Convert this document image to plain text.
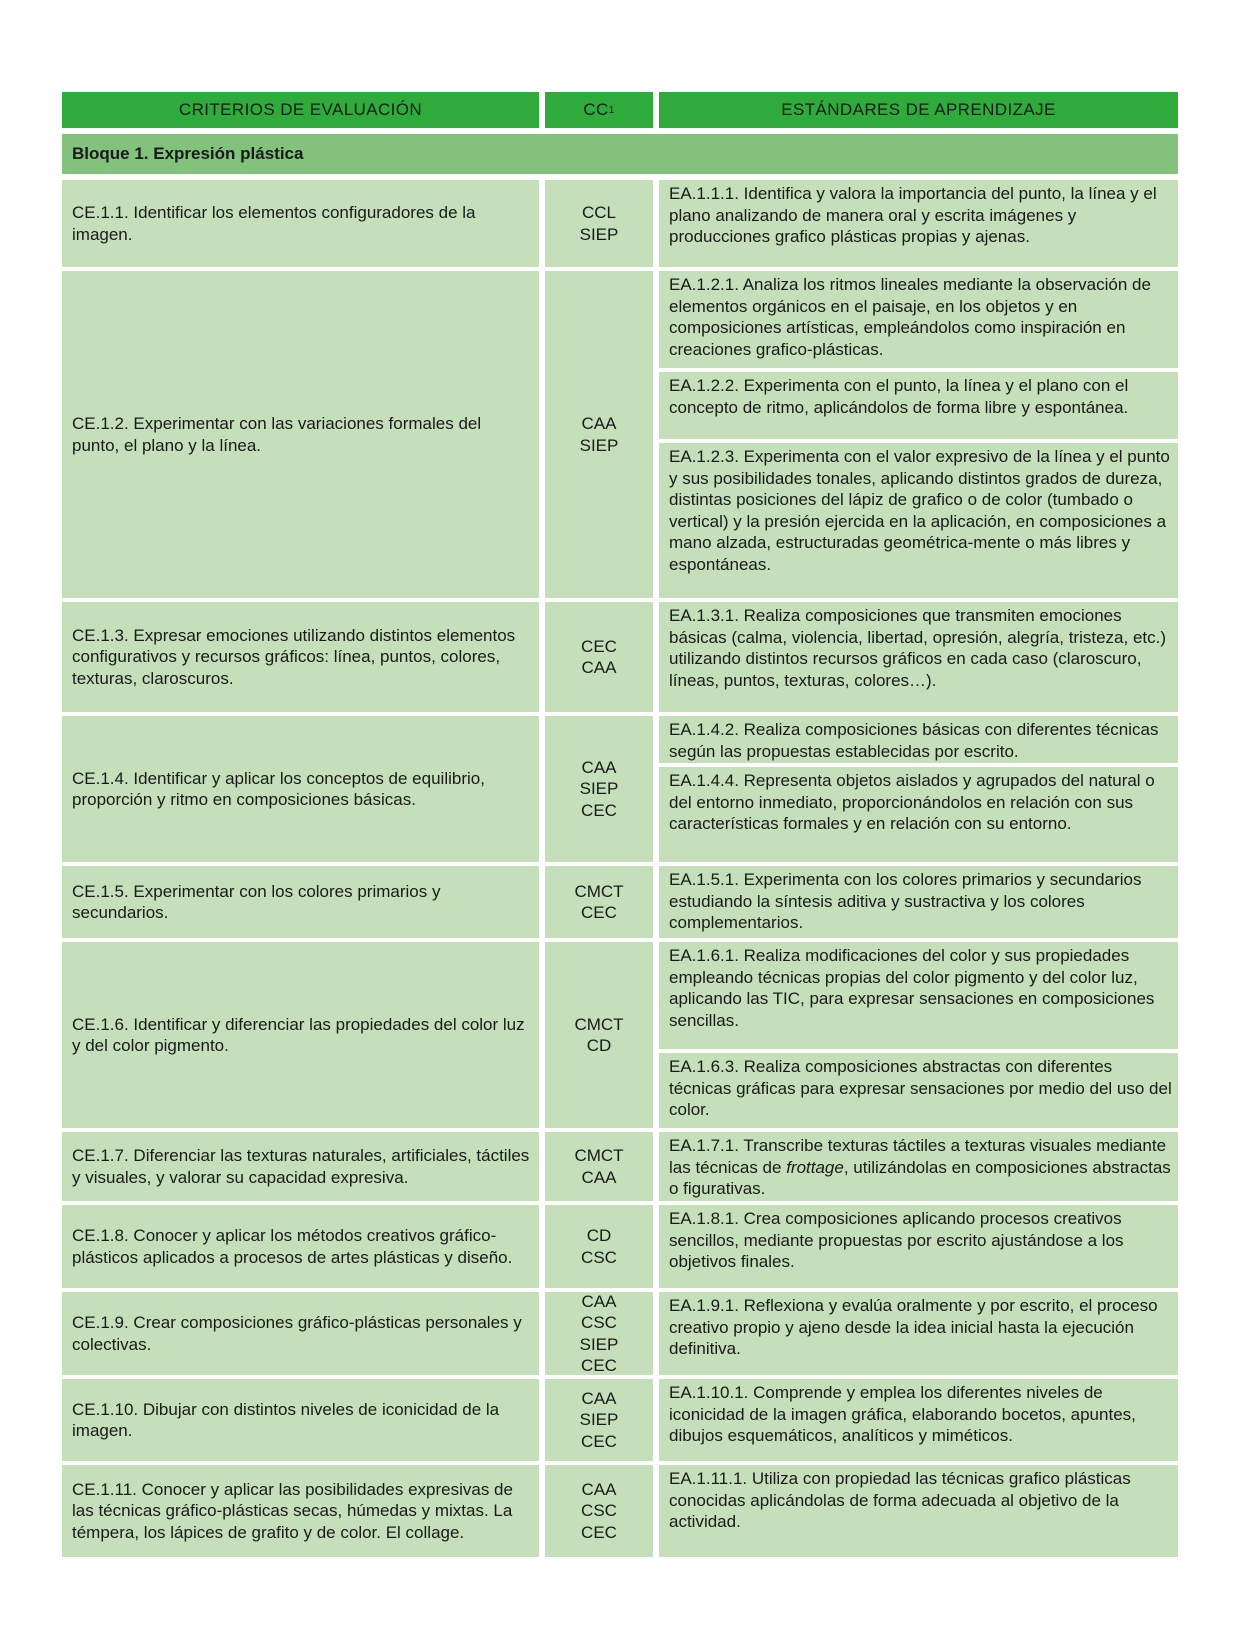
CRITERIOS DE EVALUACIÓN	CC 1	ESTÁNDARES DE APRENDIZAJE
Bloque 1. Expresión plástica
CE.1.1. Identificar los elementos configuradores de la imagen.
CCL
SIEP
EA.1.1.1. Identifica y valora la importancia del punto, la línea y el plano analizando de manera oral y escrita imágenes y producciones grafico plásticas propias y ajenas.
CE.1.2. Experimentar con las variaciones formales del punto, el plano y la línea.
CAA
SIEP
EA.1.2.1. Analiza los ritmos lineales mediante la observación de elementos orgánicos en el paisaje, en los objetos y en composiciones artísticas, empleándolos como inspiración en creaciones grafico-plásticas.
EA.1.2.2. Experimenta con el punto, la línea y el plano con el concepto de ritmo, aplicándolos de forma libre y espontánea.
EA.1.2.3. Experimenta con el valor expresivo de la línea y el punto y sus posibilidades tonales, aplicando distintos grados de dureza, distintas posiciones del lápiz de grafico o de color (tumbado o vertical) y la presión ejercida en la aplicación, en composiciones a mano alzada, estructuradas geométrica-mente o más libres y espontáneas.
CE.1.3. Expresar emociones utilizando distintos elementos configurativos y recursos gráficos: línea, puntos, colores, texturas, claroscuros.
CEC
CAA
EA.1.3.1. Realiza composiciones que transmiten emociones básicas (calma, violencia, libertad, opresión, alegría, tristeza, etc.) utilizando distintos recursos gráficos en cada caso (claroscuro, líneas, puntos, texturas, colores…).
CE.1.4. Identificar y aplicar los conceptos de equilibrio, proporción y ritmo en composiciones básicas.
CAA
SIEP
CEC
EA.1.4.2. Realiza composiciones básicas con diferentes técnicas según las propuestas establecidas por escrito.
EA.1.4.4. Representa objetos aislados y agrupados del natural o del entorno inmediato, proporcionándolos en relación con sus características formales y en relación con su entorno.
CE.1.5. Experimentar con los colores primarios y secundarios.
CMCT
CEC
EA.1.5.1. Experimenta con los colores primarios y secundarios estudiando la síntesis aditiva y sustractiva y los colores complementarios.
CE.1.6. Identificar y diferenciar las propiedades del color luz y del color pigmento.
CMCT
CD
EA.1.6.1. Realiza modificaciones del color y sus propiedades empleando técnicas propias del color pigmento y del color luz, aplicando las TIC, para expresar sensaciones en composiciones sencillas.
EA.1.6.3. Realiza composiciones abstractas con diferentes técnicas gráficas para expresar sensaciones por medio del uso del color.
CE.1.7. Diferenciar las texturas naturales, artificiales, táctiles y visuales, y valorar su capacidad expresiva.
CMCT
CAA
EA.1.7.1. Transcribe texturas táctiles a texturas visuales mediante las técnicas de frottage, utilizándolas en composiciones abstractas o figurativas.
CE.1.8. Conocer y aplicar los métodos creativos gráfico-plásticos aplicados a procesos de artes plásticas y diseño.
CD
CSC
EA.1.8.1. Crea composiciones aplicando procesos creativos sencillos, mediante propuestas por escrito ajustándose a los objetivos finales.
CE.1.9. Crear composiciones gráfico-plásticas personales y colectivas.
CAA
CSC
SIEP
CEC
EA.1.9.1. Reflexiona y evalúa oralmente y por escrito, el proceso creativo propio y ajeno desde la idea inicial hasta la ejecución definitiva.
CE.1.10. Dibujar con distintos niveles de iconicidad de la imagen.
CAA
SIEP
CEC
EA.1.10.1. Comprende y emplea los diferentes niveles de iconicidad de la imagen gráfica, elaborando bocetos, apuntes, dibujos esquemáticos, analíticos y miméticos.
CE.1.11. Conocer y aplicar las posibilidades expresivas de las técnicas gráfico-plásticas secas, húmedas y mixtas. La témpera, los lápices de grafito y de color. El collage.
CAA
CSC
CEC
EA.1.11.1. Utiliza con propiedad las técnicas grafico plásticas conocidas aplicándolas de forma adecuada al objetivo de la actividad.
